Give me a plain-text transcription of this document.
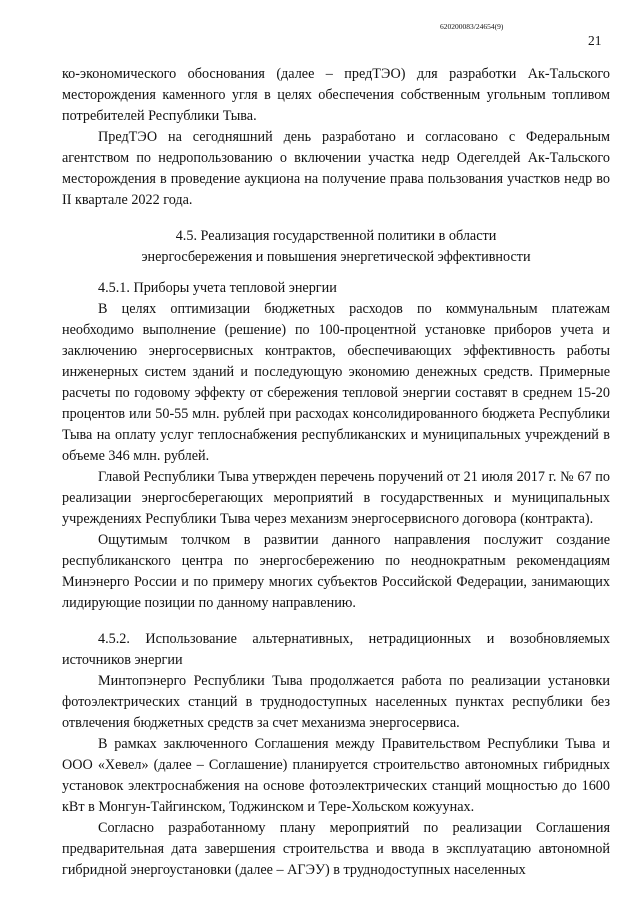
620200083/24654(9)
21

ко-экономического обоснования (далее – предТЭО) для разработки Ак-Тальского месторождения каменного угля в целях обеспечения собственным угольным топливом потребителей Республики Тыва.

ПредТЭО на сегодняшний день разработано и согласовано с Федеральным агентством по недропользованию о включении участка недр Одегелдей Ак-Тальского месторождения в проведение аукциона на получение права пользования участков недр во II квартале 2022 года.

4.5. Реализация государственной политики в области

энергосбережения и повышения энергетической эффективности

4.5.1. Приборы учета тепловой энергии

В целях оптимизации бюджетных расходов по коммунальным платежам необходимо выполнение (решение) по 100-процентной установке приборов учета и заключению энергосервисных контрактов, обеспечивающих эффективность работы инженерных систем зданий и последующую экономию денежных средств. Примерные расчеты по годовому эффекту от сбережения тепловой энергии составят в среднем 15-20 процентов или 50-55 млн. рублей при расходах консолидированного бюджета Республики Тыва на оплату услуг теплоснабжения республиканских и муниципальных учреждений в объеме 346 млн. рублей.

Главой Республики Тыва утвержден перечень поручений от 21 июля 2017 г. № 67 по реализации энергосберегающих мероприятий в государственных и муниципальных учреждениях Республики Тыва через механизм энергосервисного договора (контракта).

Ощутимым толчком в развитии данного направления послужит создание республиканского центра по энергосбережению по неоднократным рекомендациям Минэнерго России и по примеру многих субъектов Российской Федерации, занимающих лидирующие позиции по данному направлению.

4.5.2. Использование альтернативных, нетрадиционных и возобновляемых источников энергии

Минтопэнерго Республики Тыва продолжается работа по реализации установки фотоэлектрических станций в труднодоступных населенных пунктах республики без отвлечения бюджетных средств за счет механизма энергосервиса.

В рамках заключенного Соглашения между Правительством Республики Тыва и ООО «Хевел» (далее – Соглашение) планируется строительство автономных гибридных установок электроснабжения на основе фотоэлектрических станций мощностью до 1600 кВт в Монгун-Тайгинском, Тоджинском и Тере-Хольском кожуунах.

Согласно разработанному плану мероприятий по реализации Соглашения предварительная дата завершения строительства и ввода в эксплуатацию автономной гибридной энергоустановки (далее – АГЭУ) в труднодоступных населенных
